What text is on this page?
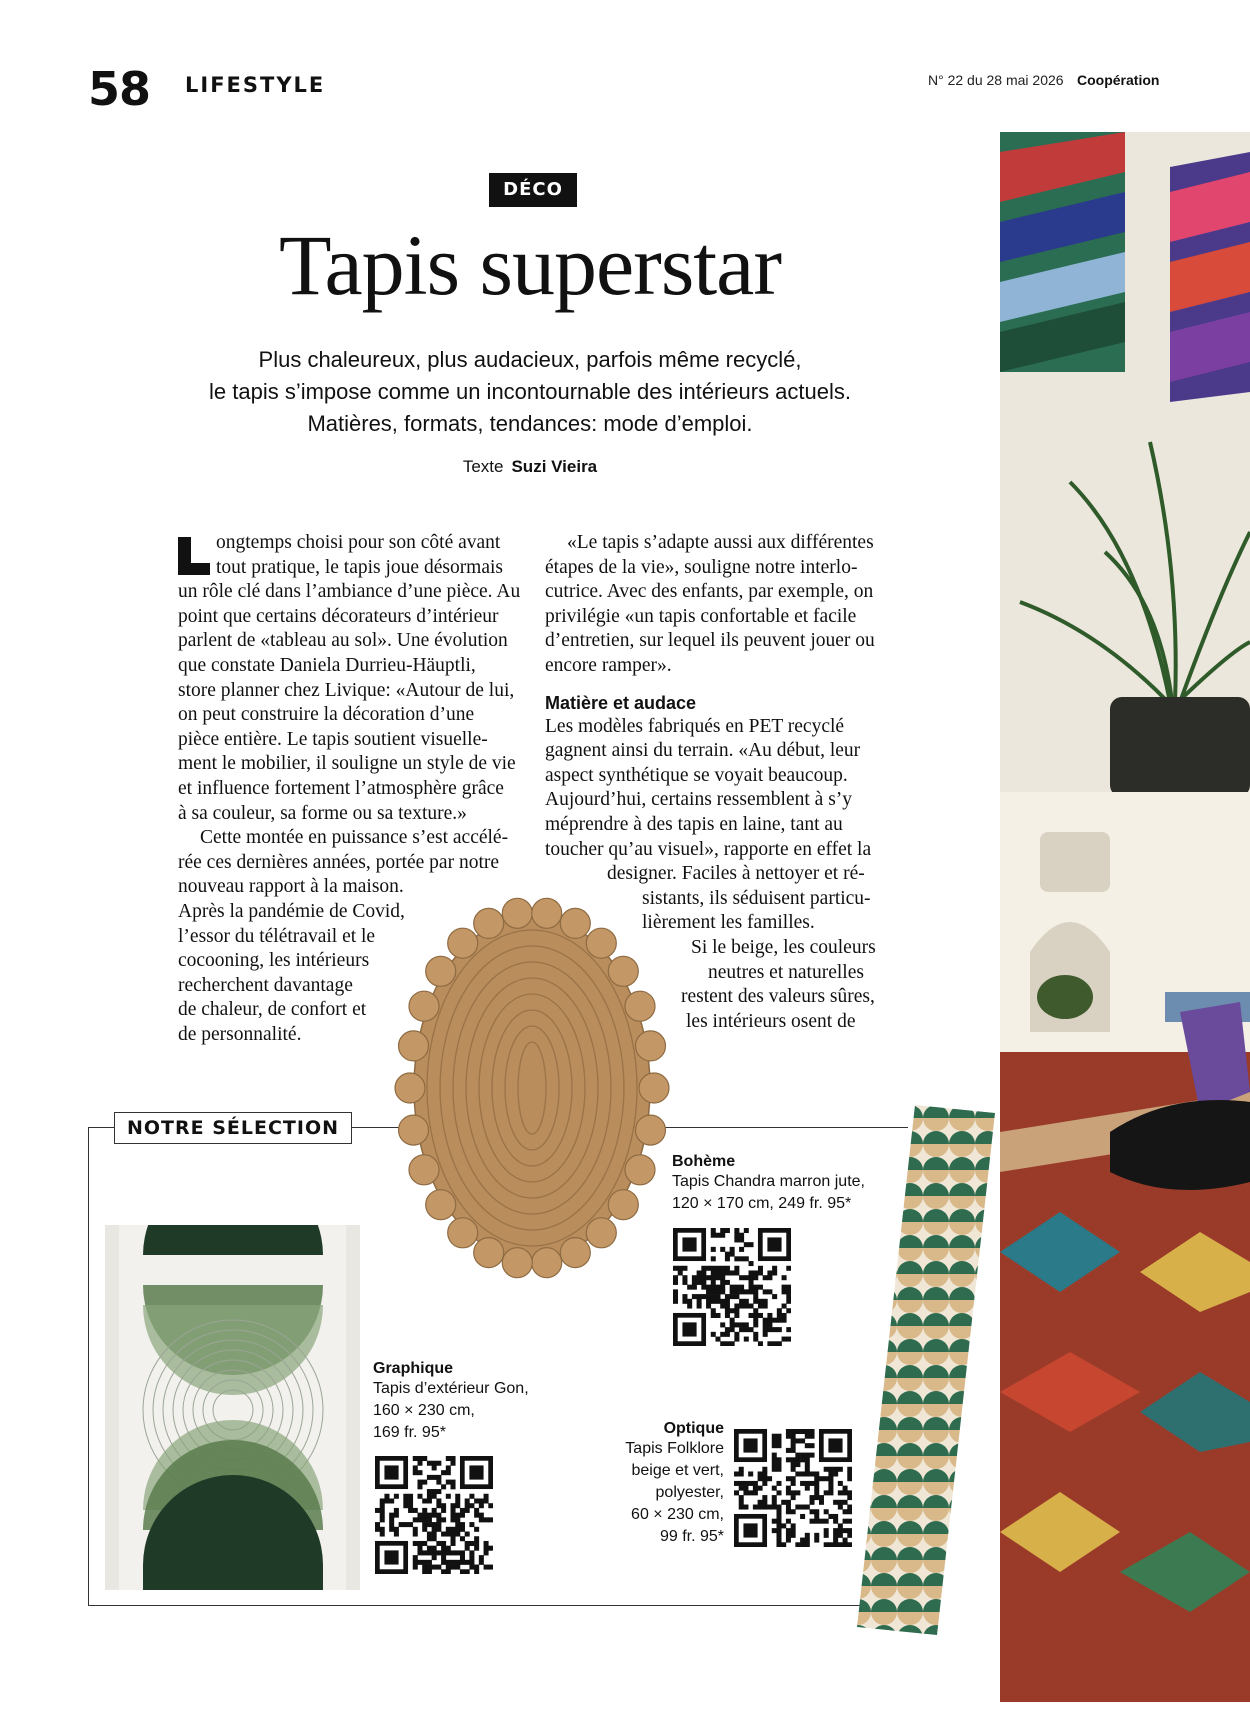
58 LIFESTYLE	N° 22 du 28 mai 2026 Coopération
DÉCO
Tapis superstar
Plus chaleureux, plus audacieux, parfois même recyclé,
le tapis s’impose comme un incontournable des intérieurs actuels.
Matières, formats, tendances: mode d’emploi.
Texte Suzi Vieira

ongtemps choisi pour son côté avant
tout pratique, le tapis joue désormais
un rôle clé dans l’ambiance d’une pièce. Au
point que certains décorateurs d’intérieur
parlent de «tableau au sol». Une évolution
que constate Daniela Durrieu-Häuptli,
store planner chez Livique: «Autour de lui,
on peut construire la décoration d’une
pièce entière. Le tapis soutient visuelle-
ment le mobilier, il souligne un style de vie
et influence fortement l’atmosphère grâce
à sa couleur, sa forme ou sa texture.»

Cette montée en puissance s’est accélé-
rée ces dernières années, portée par notre
nouveau rapport à la maison.
Après la pandémie de Covid,
l’essor du télétravail et le
cocooning, les intérieurs
recherchent davantage
de chaleur, de confort et
de personnalité.

«Le tapis s’adapte aussi aux différentes
étapes de la vie», souligne notre interlo-
cutrice. Avec des enfants, par exemple, on
privilégie «un tapis confortable et facile
d’entretien, sur lequel ils peuvent jouer ou
encore ramper».

Matière et audace

Les modèles fabriqués en PET recyclé
gagnent ainsi du terrain. «Au début, leur
aspect synthétique se voyait beaucoup.
Aujourd’hui, certains ressemblent à s’y
méprendre à des tapis en laine, tant au
toucher qu’au visuel», rapporte en effet la
designer. Faciles à nettoyer et ré-
sistants, ils séduisent particu-
lièrement les familles.

Si le beige, les couleurs
neutres et naturelles
restent des valeurs sûres,
les intérieurs osent de

NOTRE SÉLECTION
Bohème
Tapis Chandra marron jute,
120 × 170 cm, 249 fr. 95*
Graphique
Tapis d’extérieur Gon,
160 × 230 cm,
169 fr. 95*	Optique
Tapis Folklore
beige et vert,
polyester,
60 × 230 cm,
99 fr. 95*
